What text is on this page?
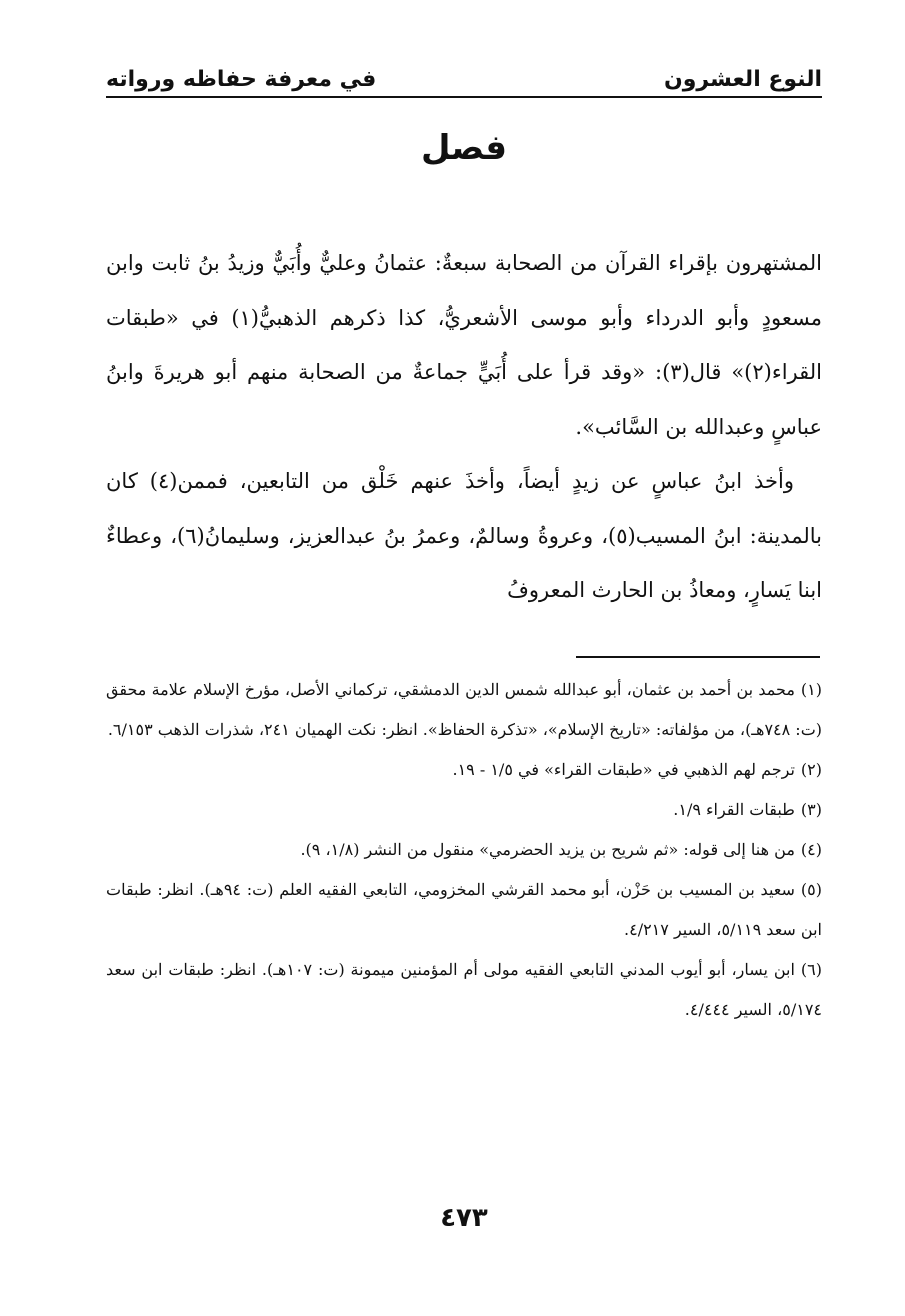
النوع العشرون
في معرفة حفاظه ورواته
فصل

المشتهرون بإقراء القرآن من الصحابة سبعةٌ: عثمانُ وعليٌّ وأُبَيٌّ وزيدُ بنُ ثابت وابن مسعودٍ وأبو الدرداء وأبو موسى الأشعريُّ، كذا ذكرهم الذهبيُّ(١) في «طبقات القراء(٢)» قال(٣): «وقد قرأ على أُبَيٍّ جماعةٌ من الصحابة منهم أبو هريرةَ وابنُ عباسٍ وعبدالله بن السَّائب».

وأخذ ابنُ عباسٍ عن زيدٍ أيضاً، وأخذَ عنهم خَلْق من التابعين، فممن(٤) كان بالمدينة: ابنُ المسيب(٥)، وعروةُ وسالمٌ، وعمرُ بنُ عبدالعزيز، وسليمانُ(٦)، وعطاءٌ ابنا يَسارٍ، ومعاذُ بن الحارث المعروفُ

(١)محمد بن أحمد بن عثمان، أبو عبدالله شمس الدين الدمشقي، تركماني الأصل، مؤرخ الإسلام علامة محقق (ت: ٧٤٨هـ)، من مؤلفاته: «تاريخ الإسلام»، «تذكرة الحفاظ». انظر: نكت الهميان ٢٤١، شذرات الذهب ٦/١٥٣.

(٢)ترجم لهم الذهبي في «طبقات القراء» في ١/٥ - ١٩.

(٣)طبقات القراء ١/٩.

(٤)من هنا إلى قوله: «ثم شريح بن يزيد الحضرمي» منقول من النشر (١/٨، ٩).

(٥)سعيد بن المسيب بن حَزْن، أبو محمد القرشي المخزومي، التابعي الفقيه العلم (ت: ٩٤هـ). انظر: طبقات ابن سعد ٥/١١٩، السير ٤/٢١٧.

(٦)ابن يسار، أبو أيوب المدني التابعي الفقيه مولى أم المؤمنين ميمونة (ت: ١٠٧هـ). انظر: طبقات ابن سعد ٥/١٧٤، السير ٤/٤٤٤.

٤٧٣
